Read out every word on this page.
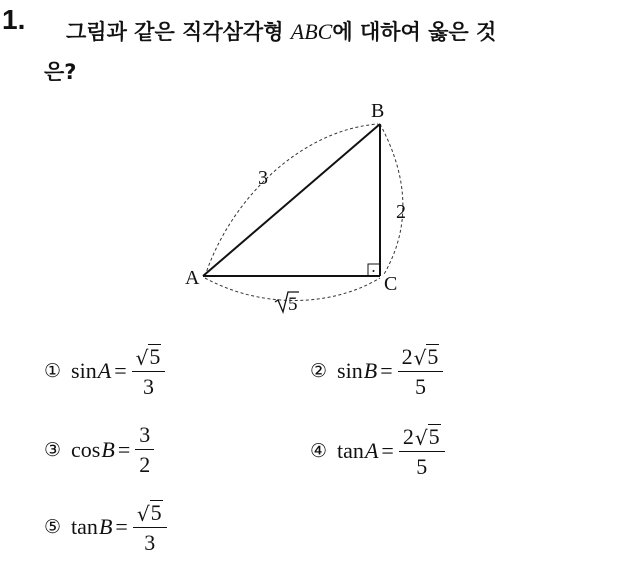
1. 그림과 같은 직각삼각형 ABC에 대하여 옳은 것
은?
B
A	C
3
2
5
① $\sin A = \frac{√ 5}{3}$	② $\sin B = \frac{2 √ 5}{5}$
③ $\cos B = \frac{3}{2}$	④ $\tan A = \frac{2 √ 5}{5}$
⑤ $\tan B = \frac{√ 5}{3}$
